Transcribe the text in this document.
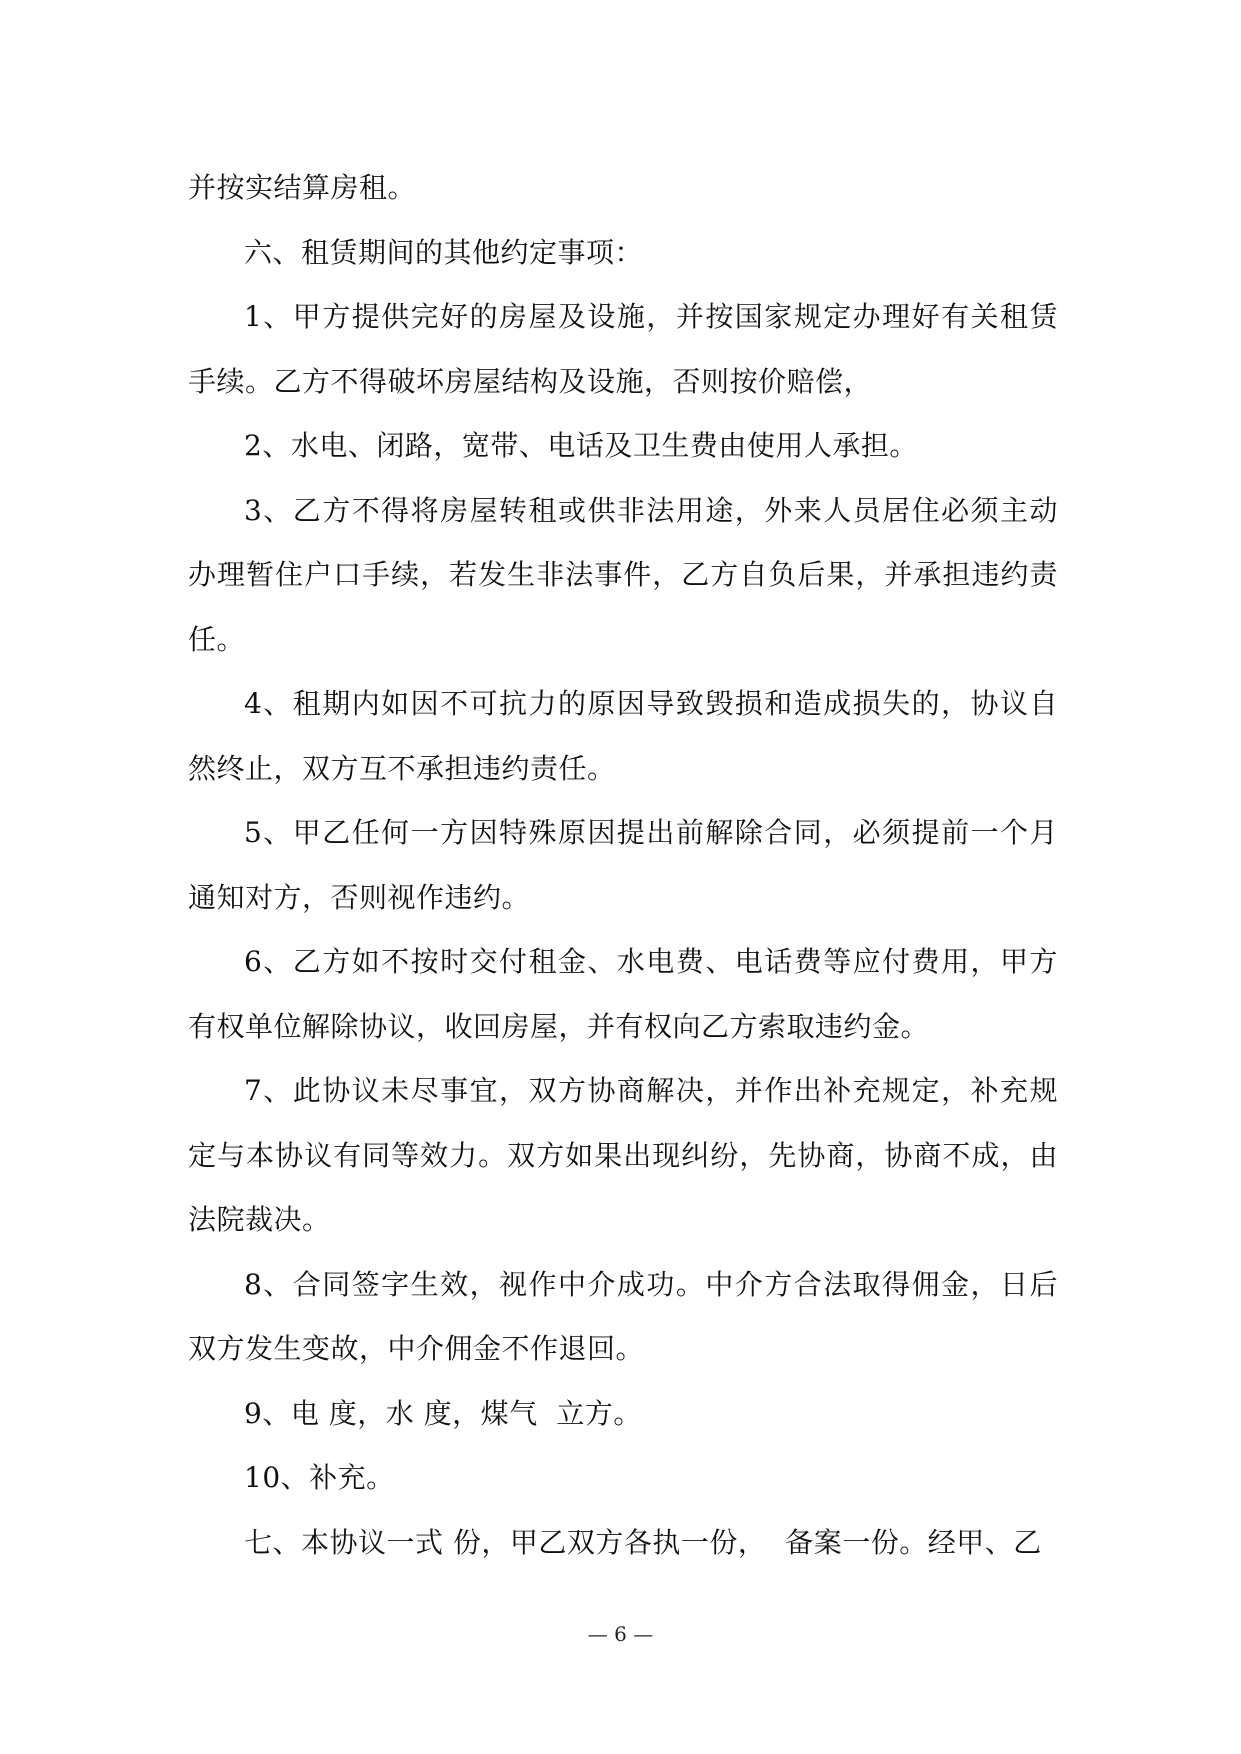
并按实结算房租。

六、租赁期间的其他约定事项：

1、甲方提供完好的房屋及设施，并按国家规定办理好有关租赁手续。乙方不得破坏房屋结构及设施，否则按价赔偿，

2、水电、闭路，宽带、电话及卫生费由使用人承担。

3、乙方不得将房屋转租或供非法用途，外来人员居住必须主动办理暂住户口手续，若发生非法事件，乙方自负后果，并承担违约责任。

4、租期内如因不可抗力的原因导致毁损和造成损失的，协议自然终止，双方互不承担违约责任。

5、甲乙任何一方因特殊原因提出前解除合同，必须提前一个月通知对方，否则视作违约。

6、乙方如不按时交付租金、水电费、电话费等应付费用，甲方有权单位解除协议，收回房屋，并有权向乙方索取违约金。

7、此协议未尽事宜，双方协商解决，并作出补充规定，补充规定与本协议有同等效力。双方如果出现纠纷，先协商，协商不成，由法院裁决。

8、合同签字生效，视作中介成功。中介方合法取得佣金，日后双方发生变故，中介佣金不作退回。

9、电 度，水 度，煤气  立方。

10、补充。

七、本协议一式 份，甲乙双方各执一份，  备案一份。经甲、乙

— 6 —
